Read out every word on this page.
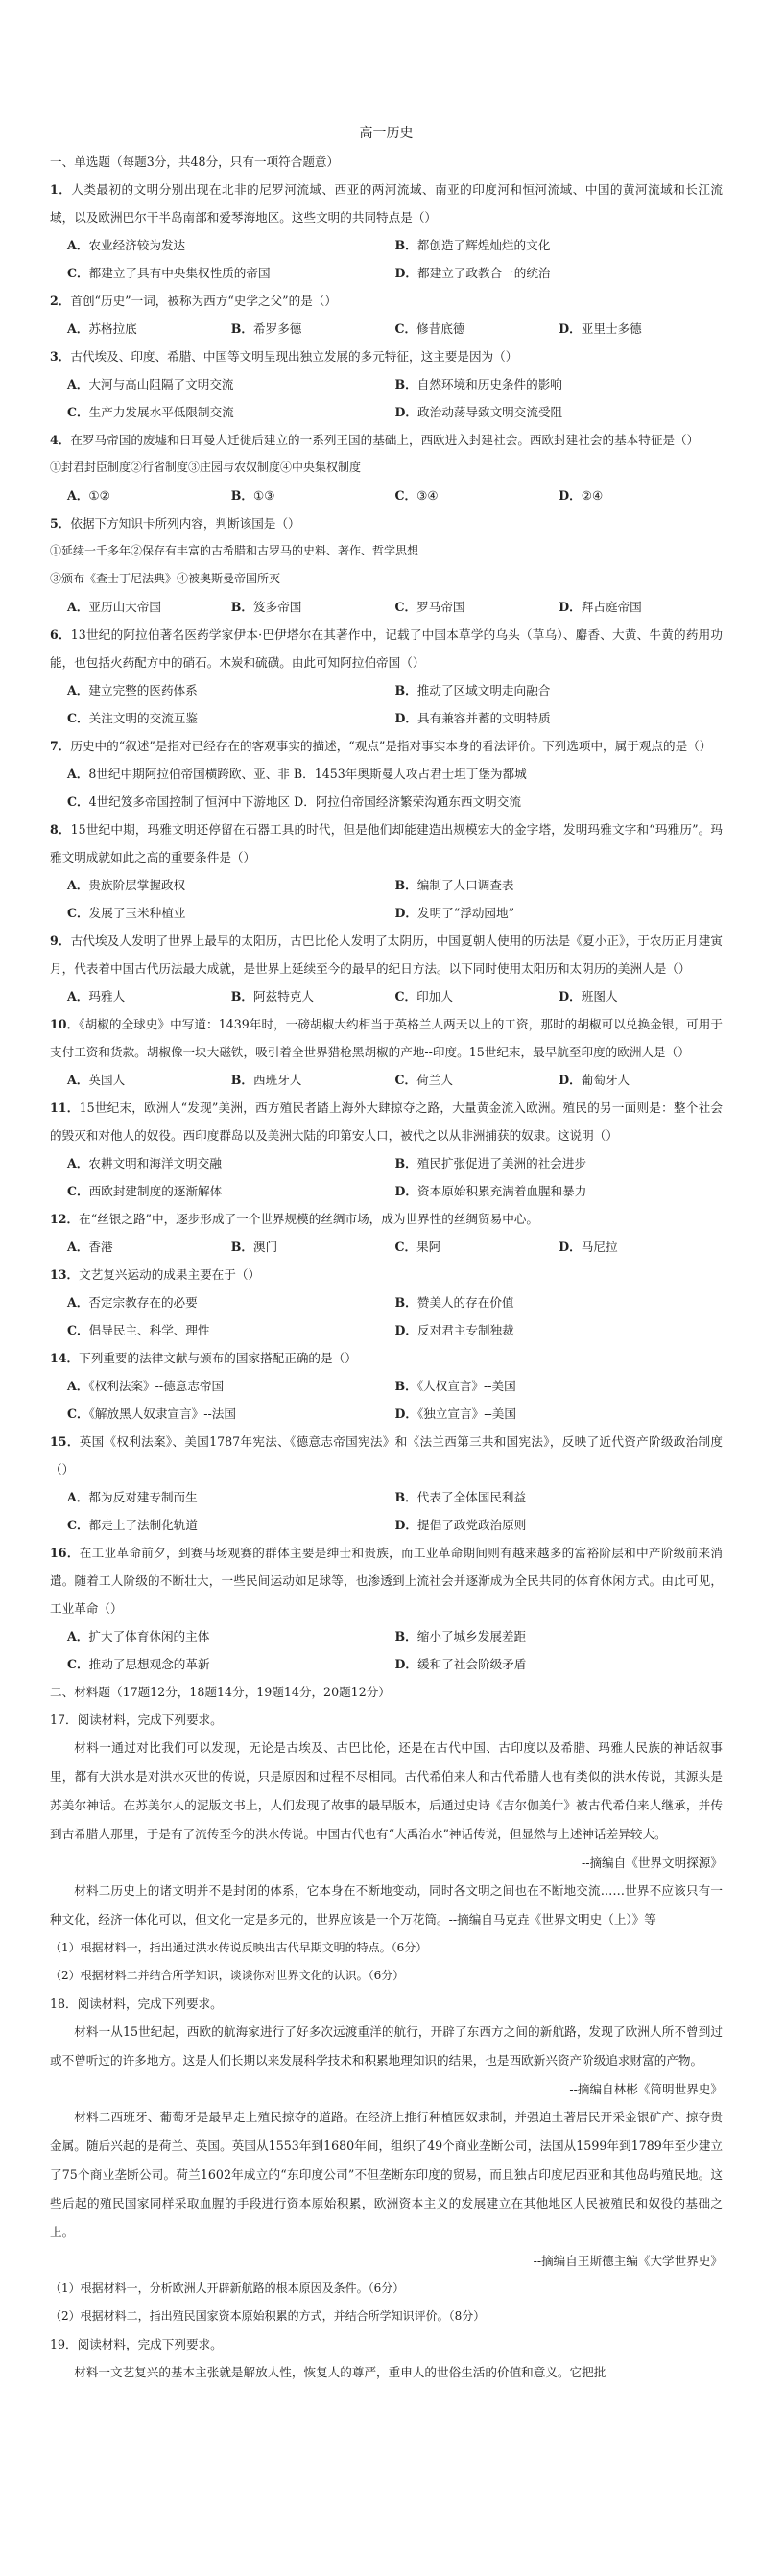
高一历史
一、单选题（每题3分，共48分，只有一项符合题意）
1．人类最初的文明分别出现在北非的尼罗河流域、西亚的两河流域、南亚的印度河和恒河流域、中国的黄河流域和长江流域，以及欧洲巴尔干半岛南部和爱琴海地区。这些文明的共同特点是（）
A．农业经济较为发达	B．都创造了辉煌灿烂的文化
C．都建立了具有中央集权性质的帝国	D．都建立了政教合一的统治
2．首创“历史”一词，被称为西方“史学之父”的是（）
A．苏格拉底	B．希罗多德	C．修昔底德	D．亚里士多德
3．古代埃及、印度、希腊、中国等文明呈现出独立发展的多元特征，这主要是因为（）
A．大河与高山阻隔了文明交流	B．自然环境和历史条件的影响
C．生产力发展水平低限制交流	D．政治动荡导致文明交流受阻
4．在罗马帝国的废墟和日耳曼人迁徙后建立的一系列王国的基础上，西欧进入封建社会。西欧封建社会的基本特征是（）
①封君封臣制度②行省制度③庄园与农奴制度④中央集权制度
A．①②	B．①③	C．③④	D．②④
5．依据下方知识卡所列内容，判断该国是（）
①延续一千多年②保存有丰富的古希腊和古罗马的史料、著作、哲学思想
③颁布《查士丁尼法典》④被奥斯曼帝国所灭
A．亚历山大帝国	B．笈多帝国	C．罗马帝国	D．拜占庭帝国
6．13世纪的阿拉伯著名医药学家伊本·巴伊塔尔在其著作中，记载了中国本草学的乌头（草乌）、麝香、大黄、牛黄的药用功能，也包括火药配方中的硝石。木炭和硫磺。由此可知阿拉伯帝国（）
A．建立完整的医药体系	B．推动了区域文明走向融合
C．关注文明的交流互鉴	D．具有兼容并蓄的文明特质
7．历史中的“叙述”是指对已经存在的客观事实的描述，“观点”是指对事实本身的看法评价。下列选项中，属于观点的是（）
A．8世纪中期阿拉伯帝国横跨欧、亚、非 B．1453年奥斯曼人攻占君士坦丁堡为都城
C．4世纪笈多帝国控制了恒河中下游地区 D．阿拉伯帝国经济繁荣沟通东西文明交流
8．15世纪中期，玛雅文明还停留在石器工具的时代，但是他们却能建造出规模宏大的金字塔，发明玛雅文字和“玛雅历”。玛雅文明成就如此之高的重要条件是（）
A．贵族阶层掌握政权	B．编制了人口调查表
C．发展了玉米种植业	D．发明了“浮动园地”
9．古代埃及人发明了世界上最早的太阳历，古巴比伦人发明了太阴历，中国夏朝人使用的历法是《夏小正》，于农历正月建寅月，代表着中国古代历法最大成就，是世界上延续至今的最早的纪日方法。以下同时使用太阳历和太阴历的美洲人是（）
A．玛雅人	B．阿兹特克人	C．印加人	D．班图人
10．《胡椒的全球史》中写道：1439年时，一磅胡椒大约相当于英格兰人两天以上的工资，那时的胡椒可以兑换金银，可用于支付工资和货款。胡椒像一块大磁铁，吸引着全世界猎枪黑胡椒的产地--印度。15世纪末，最早航至印度的欧洲人是（）
A．英国人	B．西班牙人	C．荷兰人	D．葡萄牙人
11．15世纪末，欧洲人“发现”美洲，西方殖民者踏上海外大肆掠夺之路，大量黄金流入欧洲。殖民的另一面则是：整个社会的毁灭和对他人的奴役。西印度群岛以及美洲大陆的印第安人口，被代之以从非洲捕获的奴隶。这说明（）
A．农耕文明和海洋文明交融	B．殖民扩张促进了美洲的社会进步
C．西欧封建制度的逐渐解体	D．资本原始积累充满着血腥和暴力
12．在“丝银之路”中，逐步形成了一个世界规模的丝绸市场，成为世界性的丝绸贸易中心。
A．香港	B．澳门	C．果阿	D．马尼拉
13．文艺复兴运动的成果主要在于（）
A．否定宗教存在的必要	B．赞美人的存在价值
C．倡导民主、科学、理性	D．反对君主专制独裁
14．下列重要的法律文献与颁布的国家搭配正确的是（）
A．《权利法案》--德意志帝国	B．《人权宣言》--美国
C．《解放黑人奴隶宣言》--法国	D．《独立宣言》--美国
15．英国《权利法案》、美国1787年宪法、《德意志帝国宪法》和《法兰西第三共和国宪法》，反映了近代资产阶级政治制度（）
A．都为反对建专制而生	B．代表了全体国民利益
C．都走上了法制化轨道	D．提倡了政党政治原则
16．在工业革命前夕，到赛马场观赛的群体主要是绅士和贵族，而工业革命期间则有越来越多的富裕阶层和中产阶级前来消遣。随着工人阶级的不断壮大，一些民间运动如足球等，也渗透到上流社会并逐渐成为全民共同的体育休闲方式。由此可见，工业革命（）
A．扩大了体育休闲的主体	B．缩小了城乡发展差距
C．推动了思想观念的革新	D．缓和了社会阶级矛盾
二、材料题（17题12分，18题14分，19题14分，20题12分）
17．阅读材料，完成下列要求。
材料一通过对比我们可以发现，无论是古埃及、古巴比伦，还是在古代中国、古印度以及希腊、玛雅人民族的神话叙事里，都有大洪水是对洪水灭世的传说，只是原因和过程不尽相同。古代希伯来人和古代希腊人也有类似的洪水传说，其源头是苏美尔神话。在苏美尔人的泥版文书上，人们发现了故事的最早版本，后通过史诗《吉尔伽美什》被古代希伯来人继承，并传到古希腊人那里，于是有了流传至今的洪水传说。中国古代也有“大禹治水”神话传说，但显然与上述神话差异较大。
--摘编自《世界文明探源》
材料二历史上的诸文明并不是封闭的体系，它本身在不断地变动，同时各文明之间也在不断地交流……世界不应该只有一种文化，经济一体化可以，但文化一定是多元的，世界应该是一个万花筒。--摘编自马克垚《世界文明史（上）》等
（1）根据材料一，指出通过洪水传说反映出古代早期文明的特点。（6分）
（2）根据材料二并结合所学知识，谈谈你对世界文化的认识。（6分）
18．阅读材料，完成下列要求。
材料一从15世纪起，西欧的航海家进行了好多次远渡重洋的航行，开辟了东西方之间的新航路，发现了欧洲人所不曾到过或不曾听过的许多地方。这是人们长期以来发展科学技术和积累地理知识的结果，也是西欧新兴资产阶级追求财富的产物。
--摘编自林彬《简明世界史》
材料二西班牙、葡萄牙是最早走上殖民掠夺的道路。在经济上推行种植园奴隶制，并强迫土著居民开采金银矿产、掠夺贵金属。随后兴起的是荷兰、英国。英国从1553年到1680年间，组织了49个商业垄断公司，法国从1599年到1789年至少建立了75个商业垄断公司。荷兰1602年成立的“东印度公司”不但垄断东印度的贸易，而且独占印度尼西亚和其他岛屿殖民地。这些后起的殖民国家同样采取血腥的手段进行资本原始积累，欧洲资本主义的发展建立在其他地区人民被殖民和奴役的基础之上。
--摘编自王斯德主编《大学世界史》
（1）根据材料一，分析欧洲人开辟新航路的根本原因及条件。（6分）
（2）根据材料二，指出殖民国家资本原始积累的方式，并结合所学知识评价。（8分）
19．阅读材料，完成下列要求。
材料一文艺复兴的基本主张就是解放人性，恢复人的尊严，重申人的世俗生活的价值和意义。它把批
